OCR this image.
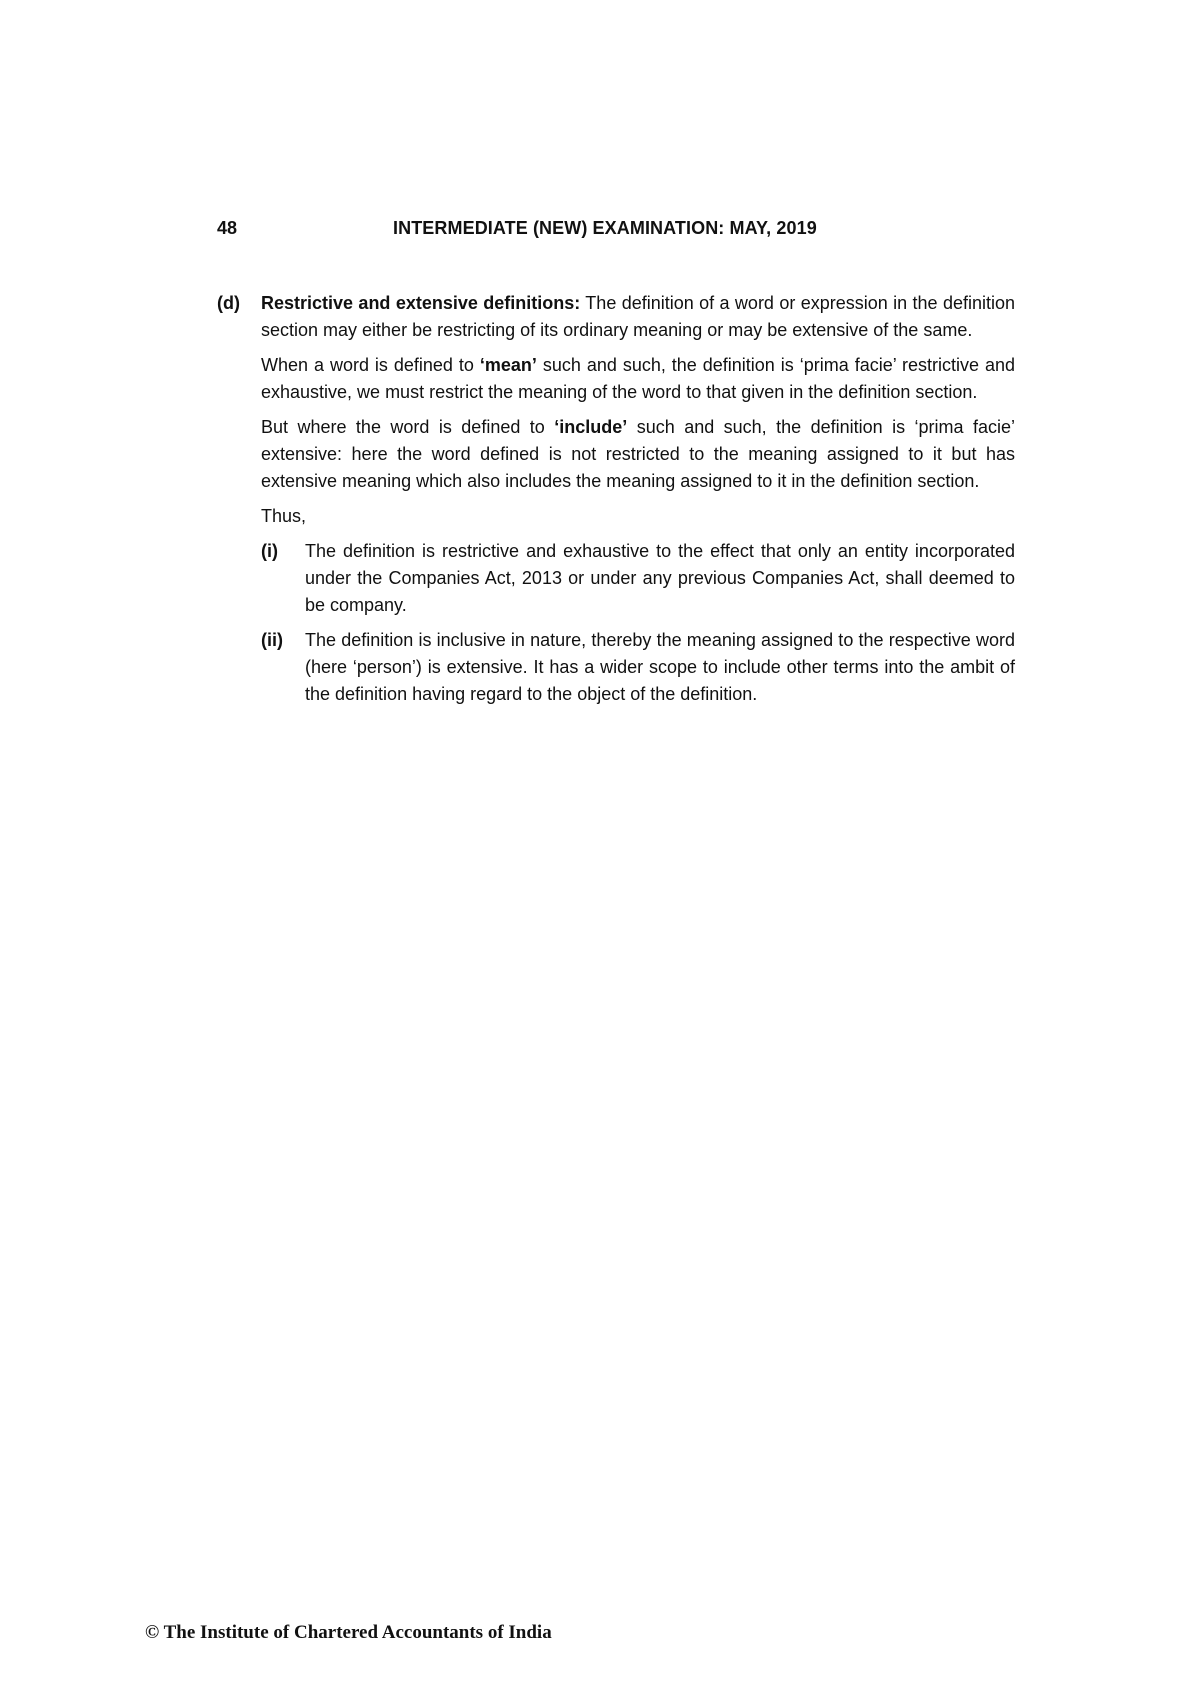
48	INTERMEDIATE (NEW) EXAMINATION: MAY, 2019
(d)	Restrictive and extensive definitions: The definition of a word or expression in the definition section may either be restricting of its ordinary meaning or may be extensive of the same.

When a word is defined to ‘mean’ such and such, the definition is ‘prima facie’ restrictive and exhaustive, we must restrict the meaning of the word to that given in the definition section.

But where the word is defined to ‘include’ such and such, the definition is ‘prima facie’ extensive: here the word defined is not restricted to the meaning assigned to it but has extensive meaning which also includes the meaning assigned to it in the definition section.

Thus,

(i)	The definition is restrictive and exhaustive to the effect that only an entity incorporated under the Companies Act, 2013 or under any previous Companies Act, shall deemed to be company.
(ii)	The definition is inclusive in nature, thereby the meaning assigned to the respective word (here ‘person’) is extensive. It has a wider scope to include other terms into the ambit of the definition having regard to the object of the definition.
© The Institute of Chartered Accountants of India
